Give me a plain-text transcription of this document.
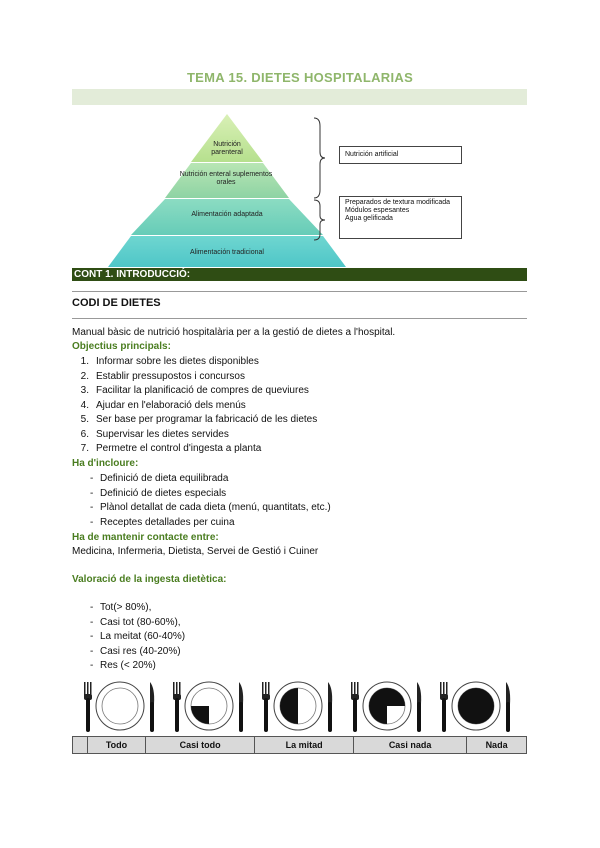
TEMA 15. DIETES HOSPITALARIAS
Nutrición parenteral
Nutrición enteral suplementos orales
Alimentación adaptada
Alimentación tradicional
Nutrición artificial
Preparados de textura modificada
Módulos espesantes
Agua gelificada
CONT 1. INTRODUCCIÓ:
CODI DE DIETES
Manual bàsic de nutrició hospitalària per a la gestió de dietes a l'hospital.
Objectius principals:
1. Informar sobre les dietes disponibles
2. Establir pressupostos i concursos
3. Facilitar la planificació de compres de queviures
4. Ajudar en l'elaboració dels menús
5. Ser base per programar la fabricació de les dietes
6. Supervisar les dietes servides
7. Permetre el control d'ingesta a planta
Ha d'incloure:
- Definició de dieta equilibrada
- Definició de dietes especials
- Plànol detallat de cada dieta (menú, quantitats, etc.)
- Receptes detallades per cuina
Ha de mantenir contacte entre:
Medicina, Infermeria, Dietista, Servei de Gestió i Cuiner
Valoració de la ingesta dietètica:
- Tot(> 80%),
- Casi tot (80-60%),
- La meitat (60-40%)
- Casi res (40-20%)
- Res (< 20%)
	Todo	Casi todo	La mitad	Casi nada	Nada
